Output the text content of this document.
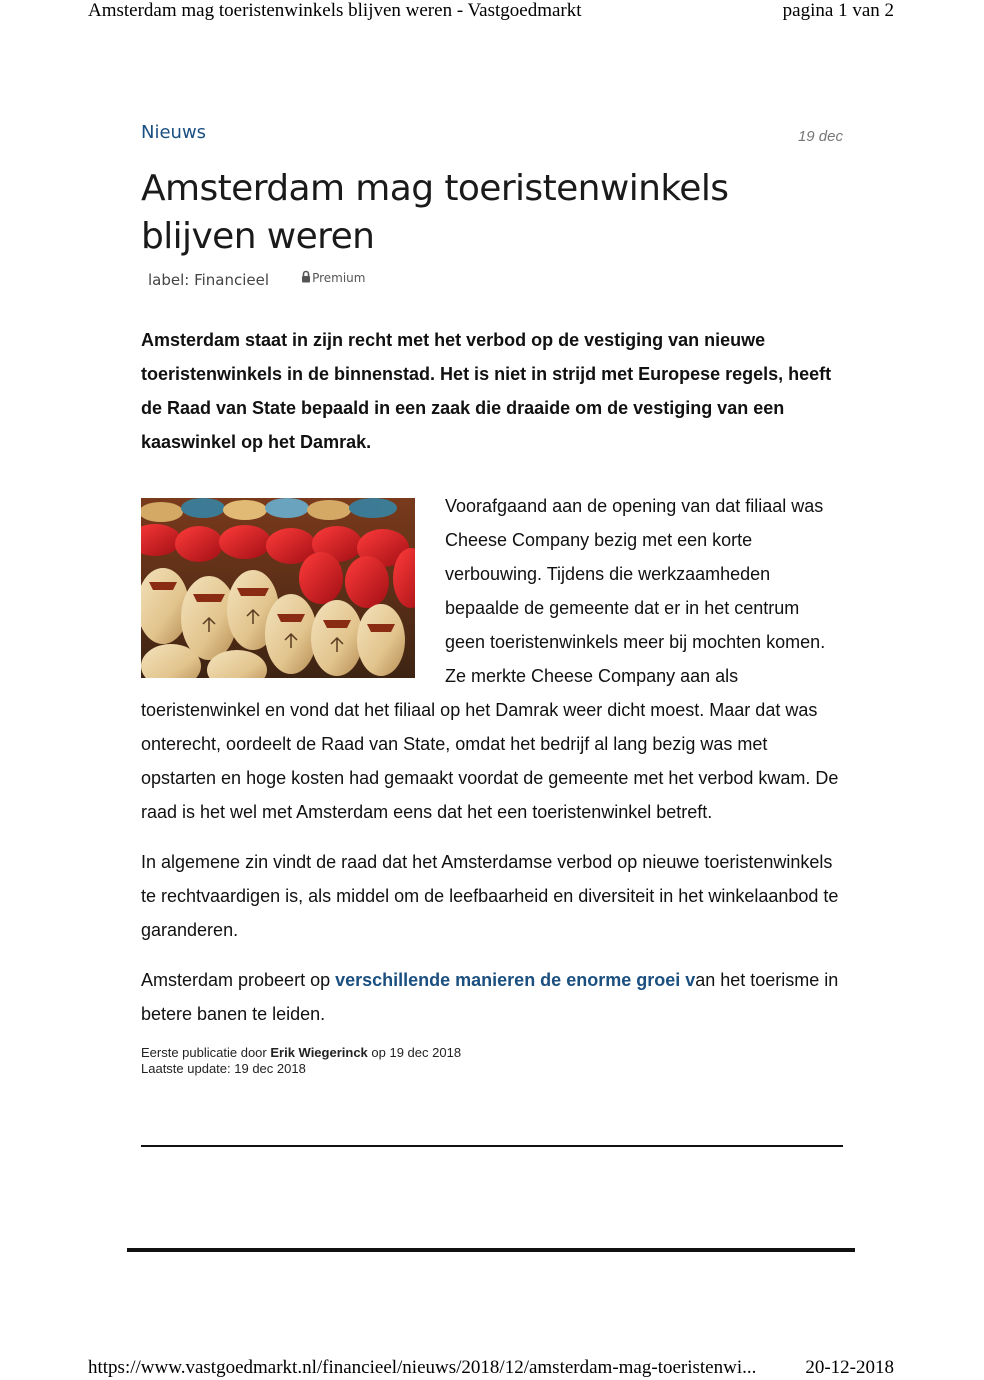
Amsterdam mag toeristenwinkels blijven weren - Vastgoedmarkt	pagina 1 van 2
Nieuws	19 dec
Amsterdam mag toeristenwinkels
blijven weren
label: Financieel	Premium

Amsterdam staat in zijn recht met het verbod op de vestiging van nieuwe toeristenwinkels in de binnenstad. Het is niet in strijd met Europese regels, heeft de Raad van State bepaald in een zaak die draaide om de vestiging van een kaaswinkel op het Damrak.

Voorafgaand aan de opening van dat filiaal was Cheese Company bezig met een korte verbouwing. Tijdens die werkzaamheden bepaalde de gemeente dat er in het centrum geen toeristenwinkels meer bij mochten komen. Ze merkte Cheese Company aan als toeristenwinkel en vond dat het filiaal op het Damrak weer dicht moest. Maar dat was onterecht, oordeelt de Raad van State, omdat het bedrijf al lang bezig was met opstarten en hoge kosten had gemaakt voordat de gemeente met het verbod kwam. De raad is het wel met Amsterdam eens dat het een toeristenwinkel betreft.

In algemene zin vindt de raad dat het Amsterdamse verbod op nieuwe toeristenwinkels te rechtvaardigen is, als middel om de leefbaarheid en diversiteit in het winkelaanbod te garanderen.

Amsterdam probeert op verschillende manieren de enorme groei van het toerisme in betere banen te leiden.

Eerste publicatie door Erik Wiegerinck op 19 dec 2018
Laatste update: 19 dec 2018
https://www.vastgoedmarkt.nl/financieel/nieuws/2018/12/amsterdam-mag-toeristenwi...	20-12-2018
